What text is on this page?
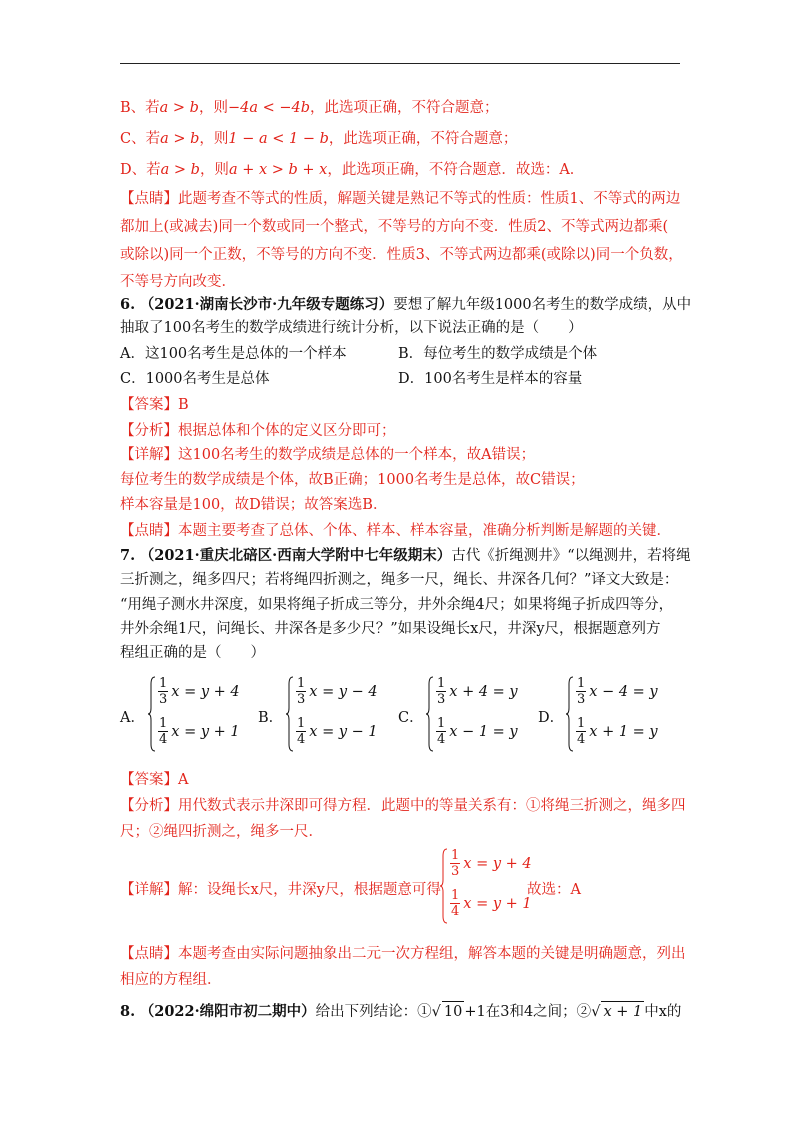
B、若a > b，则−4a < −4b，此选项正确，不符合题意；
C、若a > b，则1 − a < 1 − b，此选项正确，不符合题意；
D、若a > b，则a + x > b + x，此选项正确，不符合题意．故选：A．
【点睛】此题考查不等式的性质，解题关键是熟记不等式的性质：性质1、不等式的两边
都加上(或减去)同一个数或同一个整式，不等号的方向不变．性质2、不等式两边都乘(
或除以)同一个正数，不等号的方向不变．性质3、不等式两边都乘(或除以)同一个负数，
不等号方向改变．
6. （2021·湖南长沙市·九年级专题练习）要想了解九年级1000名考生的数学成绩，从中
抽取了100名考生的数学成绩进行统计分析，以下说法正确的是（　　）
A．这100名考生是总体的一个样本	B．每位考生的数学成绩是个体
C．1000名考生是总体	D．100名考生是样本的容量
【答案】B
【分析】根据总体和个体的定义区分即可；
【详解】这100名考生的数学成绩是总体的一个样本，故A错误；
每位考生的数学成绩是个体，故B正确；1000名考生是总体，故C错误；
样本容量是100，故D错误；故答案选B．
【点睛】本题主要考查了总体、个体、样本、样本容量，准确分析判断是解题的关键．
7. （2021·重庆北碚区·西南大学附中七年级期末）古代《折绳测井》“以绳测井，若将绳
三折测之，绳多四尺；若将绳四折测之，绳多一尺，绳长、井深各几何？”译文大致是：
“用绳子测水井深度，如果将绳子折成三等分，井外余绳4尺；如果将绳子折成四等分，
井外余绳1尺，问绳长、井深各是多少尺？”如果设绳长x尺，井深y尺，根据题意列方
程组正确的是（　　）
A．
$\frac{1}{3}$ x = y + 4
$\frac{1}{4}$ x = y + 1
B．
$\frac{1}{3}$ x = y − 4
$\frac{1}{4}$ x = y − 1
C．
$\frac{1}{3}$ x + 4 = y
$\frac{1}{4}$ x − 1 = y
D．
$\frac{1}{3}$ x − 4 = y
$\frac{1}{4}$ x + 1 = y
【答案】A
【分析】用代数式表示井深即可得方程．此题中的等量关系有：①将绳三折测之，绳多四
尺；②绳四折测之，绳多一尺．
【详解】解：设绳长x尺，井深y尺，根据题意可得
$\frac{1}{3}$ x = y + 4
$\frac{1}{4}$ x = y + 1
故选：A
【点睛】本题考查由实际问题抽象出二元一次方程组，解答本题的关键是明确题意，列出
相应的方程组．
8. （2022·绵阳市初二期中）给出下列结论：①√ 10 +1在3和4之间；②√ x + 1 中x的
